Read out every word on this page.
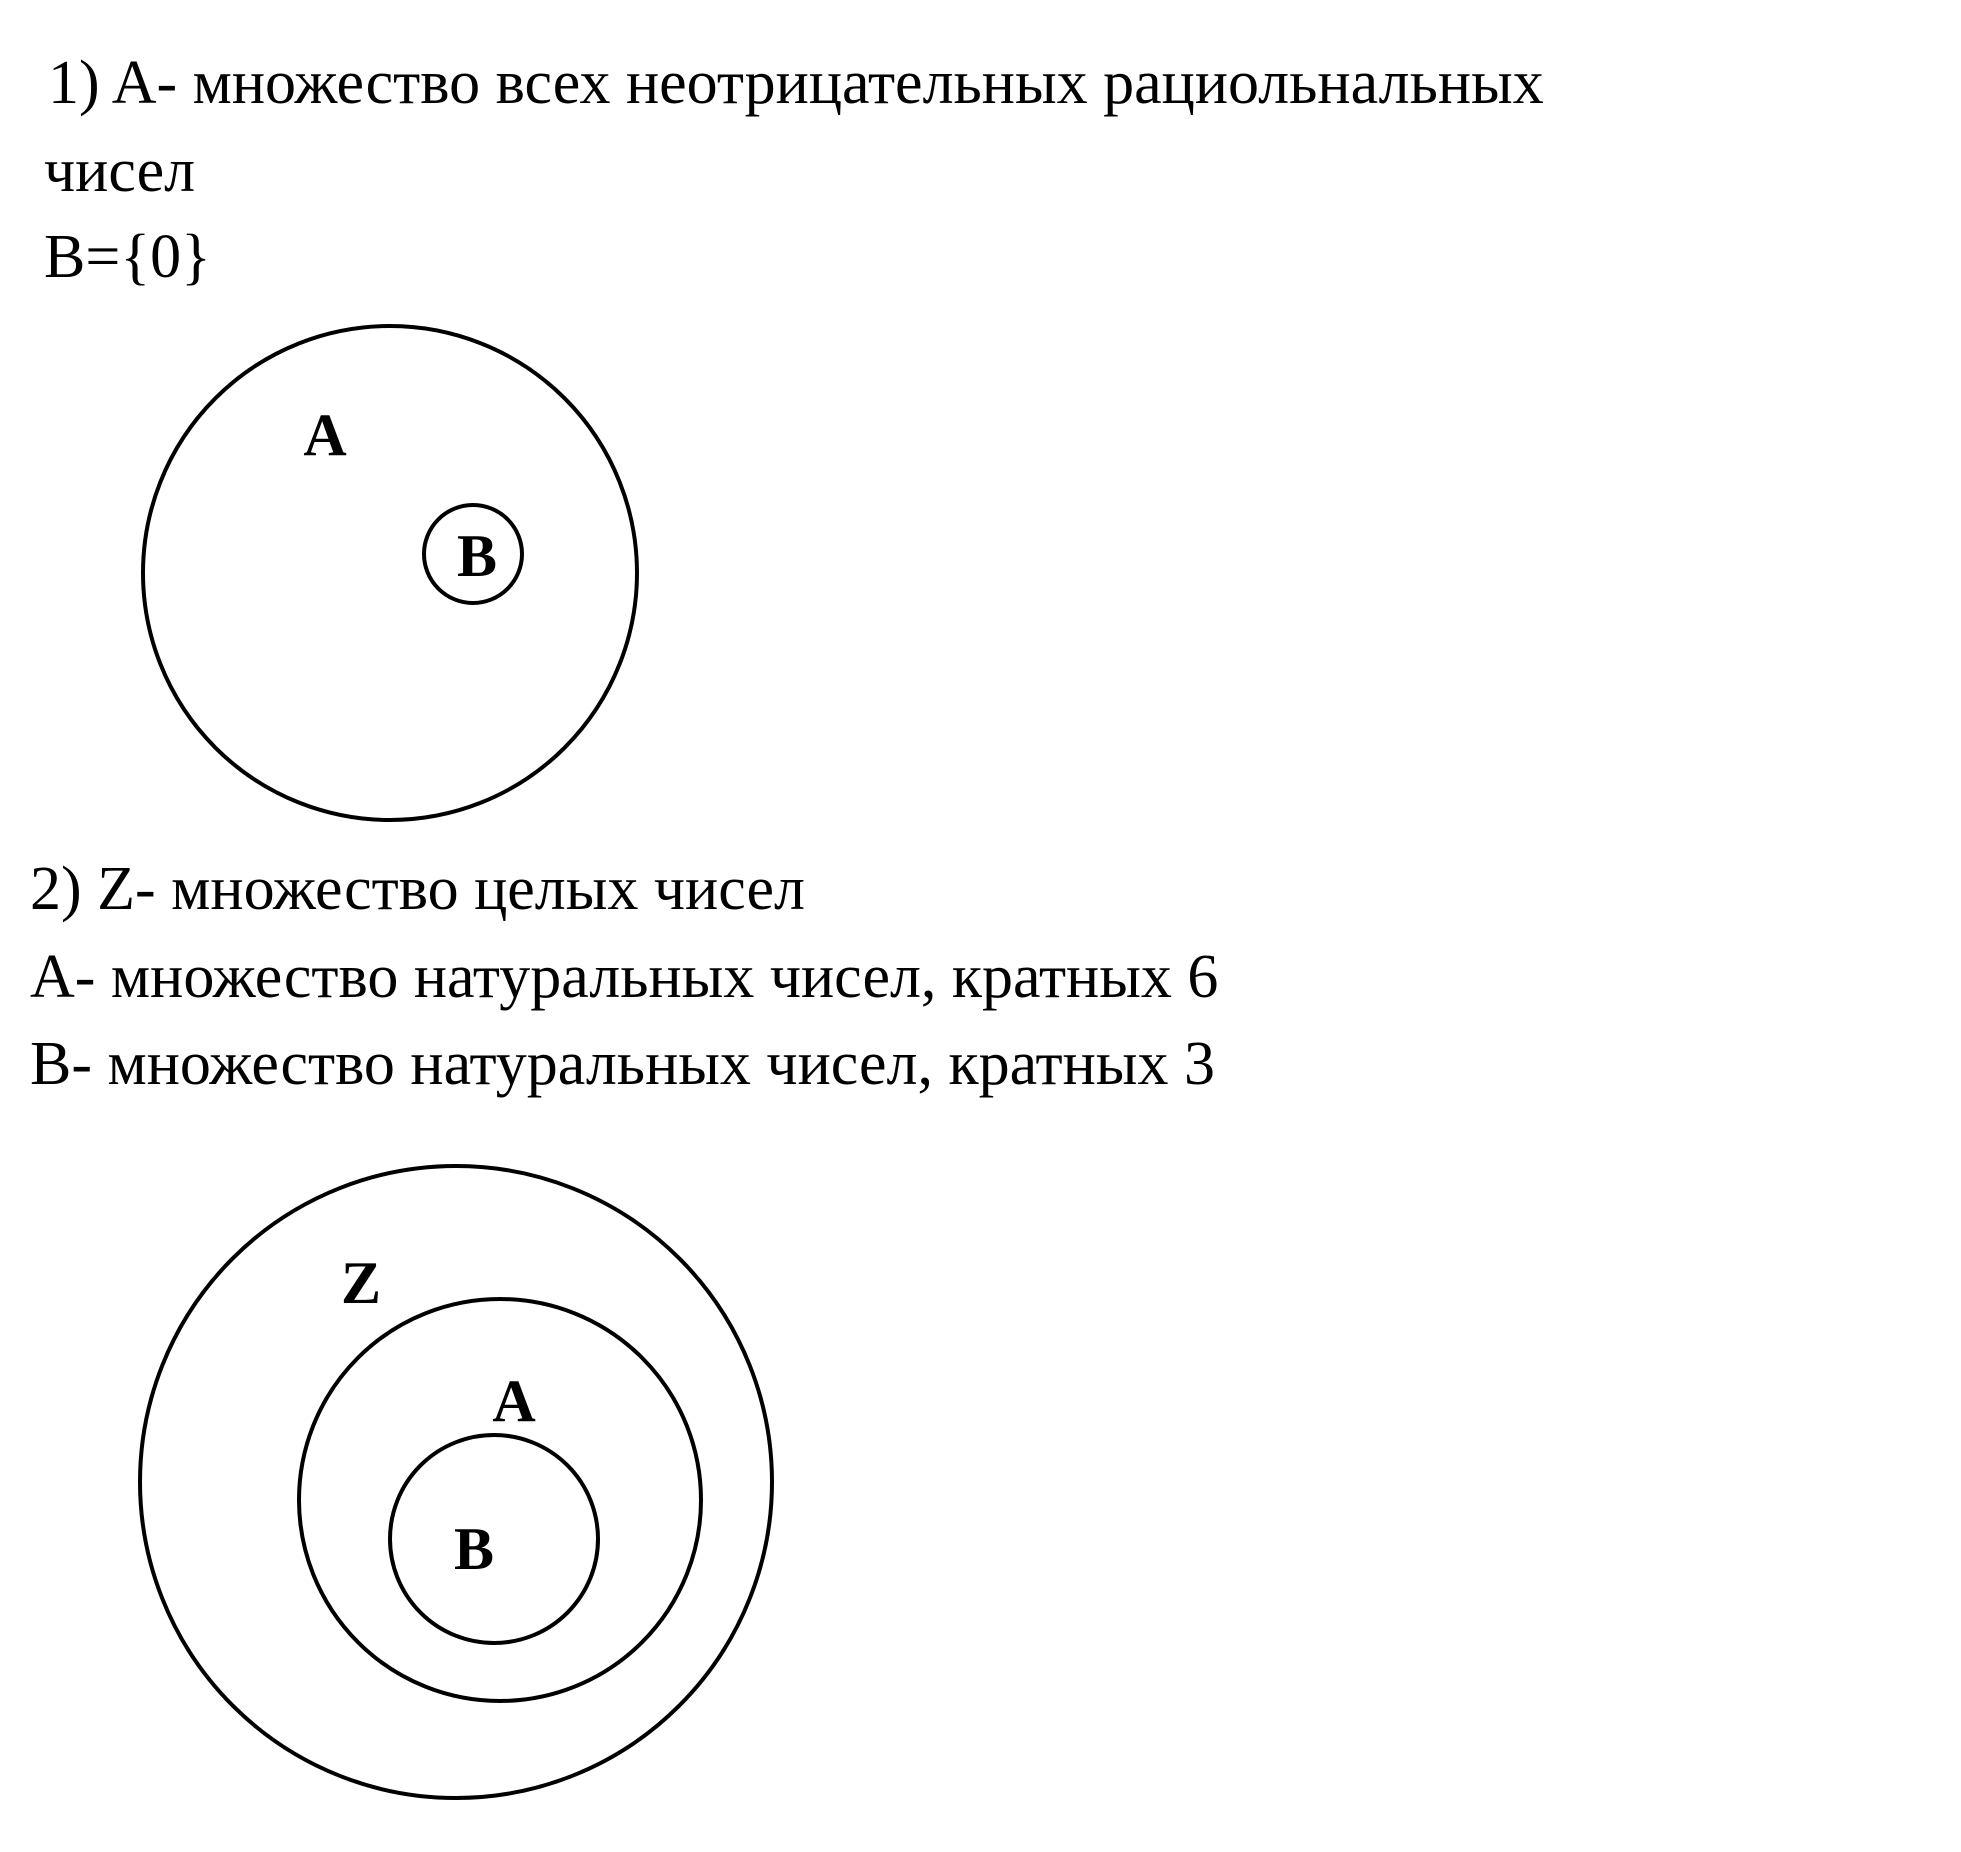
1) A- множество всех неотрицательных рациольнальных

чисел

B={0}

2) Z- множество целых чисел

A- множество натуральных чисел, кратных 6

B- множество натуральных чисел, кратных 3

A
B
Z
A
B
